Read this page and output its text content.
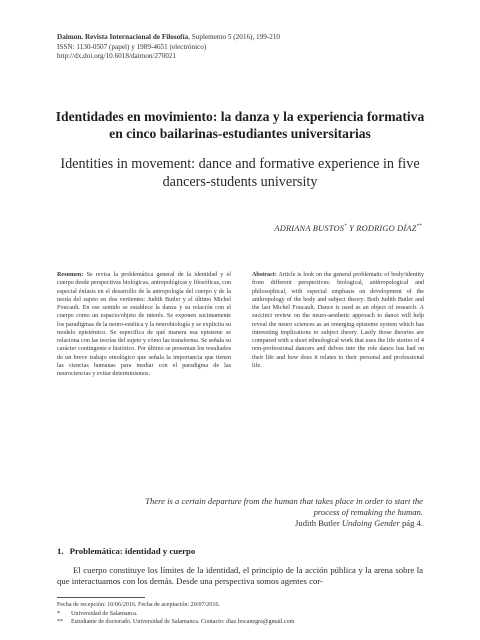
Daimon. Revista Internacional de Filosofía, Suplemento 5 (2016), 199-210
ISSN: 1130-0507 (papel) y 1989-4651 (electrónico)
http://dx.doi.org/10.6018/daimon/270021
Identidades en movimiento: la danza y la experiencia formativa en cinco bailarinas-estudiantes universitarias
Identities in movement: dance and formative experience in five dancers-students university
ADRIANA BUSTOS* Y RODRIGO DÍAZ**
Resumen: Se revisa la problemática general de la identidad y el cuerpo desde perspectivas biológicas, antropológicas y filosóficas, con especial énfasis en el desarrollo de la antropología del cuerpo y de la teoría del sujeto en dos vertientes: Judith Butler y el último Michel Foucault. En ese sentido se establece la danza y su relación con el cuerpo como un espacio/objeto de interés. Se exponen sucintamente los paradigmas de la neuro-estética y la neurobiología y se explicita su modelo epistémico. Se especifica de qué manera esa episteme se relaciona con las teorías del sujeto y cómo las transforma. Se señala su carácter contingente e histórico. Por último se presentan los resultados de un breve trabajo etnológico que señala la importancia que tienen las ciencias humanas para mediar con el paradigma de las neurociencias y evitar determinismos.
Abstract: Article is look on the general problematic of body/identity from different perspectives: biological, anthropological and philosophical, with especial emphasis on development of the anthropology of the body and subject theory: Both Judith Butler and the last Michel Foucault. Dance is used as an object of research. A succinct review on the neuro-aesthetic approach to dance will help reveal the neuro sciences as an emerging episteme system which has interesting implications to subject theory. Lastly those theories are compared with a short ethnological work that uses the life stories of 4 non-professional dancers and delves into the role dance has had on their life and how does it relates to their personal and professional life.
There is a certain departure from the human that takes place in order to start the
process of remaking the human.
Judith Butler Undoing Gender pág 4.
1. Problemática: identidad y cuerpo
El cuerpo constituye los límites de la identidad, el principio de la acción pública y la arena sobre la que interactuamos con los demás. Desde una perspectiva somos agentes cor-
Fecha de recepción: 10/06/2016. Fecha de aceptación: 20/07/2016.
* Universidad de Salamanca.
** Estudiante de doctorado. Universidad de Salamanca. Contacto: diaz.bocanegra@gmail.com
